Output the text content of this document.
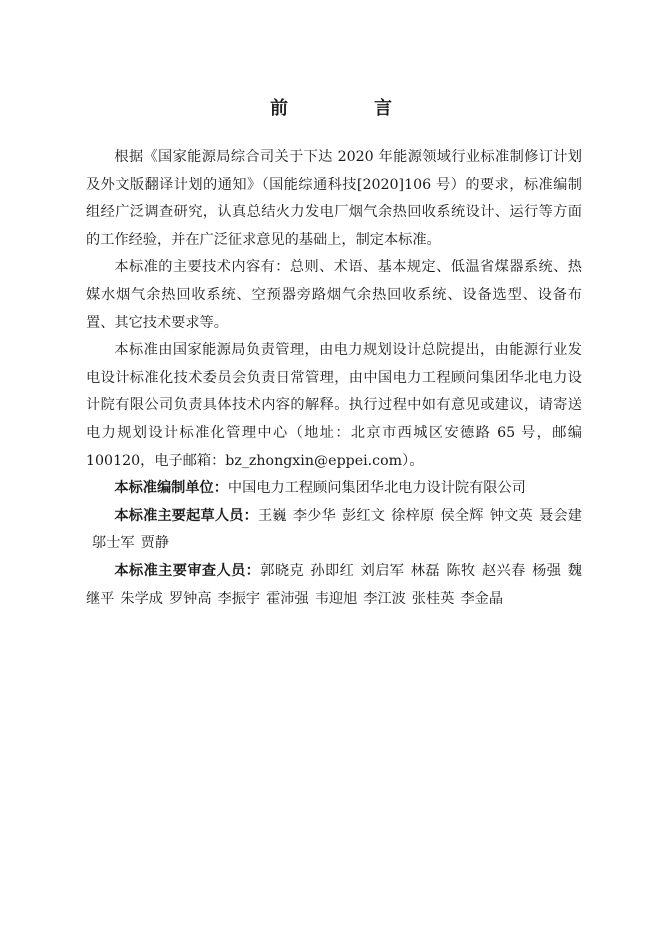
前　言

根据《国家能源局综合司关于下达 2020 年能源领域行业标准制修订计划及外文版翻译计划的通知》（国能综通科技[2020]106 号）的要求，标准编制组经广泛调查研究，认真总结火力发电厂烟气余热回收系统设计、运行等方面的工作经验，并在广泛征求意见的基础上，制定本标准。

本标准的主要技术内容有：总则、术语、基本规定、低温省煤器系统、热媒水烟气余热回收系统、空预器旁路烟气余热回收系统、设备选型、设备布置、其它技术要求等。

本标准由国家能源局负责管理，由电力规划设计总院提出，由能源行业发电设计标准化技术委员会负责日常管理，由中国电力工程顾问集团华北电力设计院有限公司负责具体技术内容的解释。执行过程中如有意见或建议，请寄送电力规划设计标准化管理中心（地址：北京市西城区安德路 65 号，邮编 100120，电子邮箱：bz_zhongxin@eppei.com）。

本标准编制单位：中国电力工程顾问集团华北电力设计院有限公司

本标准主要起草人员：王巍 李少华 彭红文 徐梓原 侯全辉 钟文英 聂会建邬士军 贾静

本标准主要审查人员：郭晓克 孙即红 刘启军 林磊 陈牧 赵兴春 杨强 魏继平 朱学成 罗钟高 李振宇 霍沛强 韦迎旭 李江波 张桂英 李金晶
